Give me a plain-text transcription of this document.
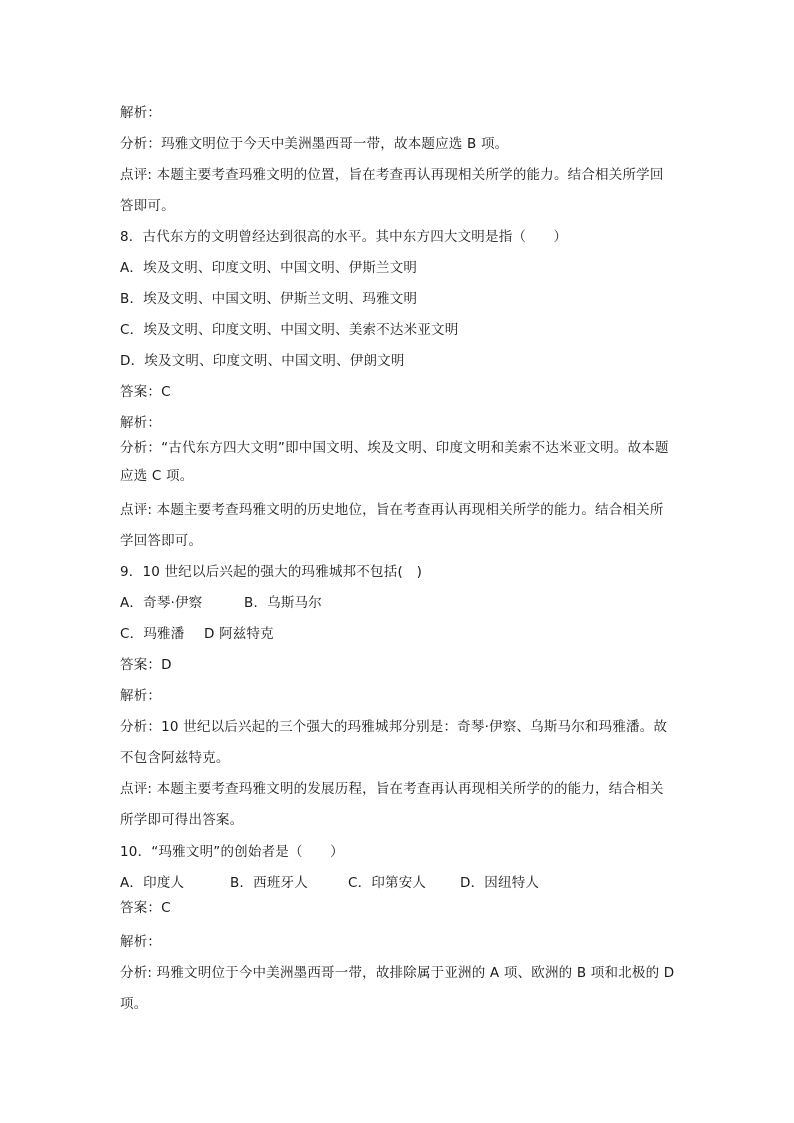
解析：
分析：玛雅文明位于今天中美洲墨西哥一带，故本题应选 B 项。
点评: 本题主要考查玛雅文明的位置，旨在考查再认再现相关所学的能力。结合相关所学回
答即可。
8．古代东方的文明曾经达到很高的水平。其中东方四大文明是指（　　）
A．埃及文明、印度文明、中国文明、伊斯兰文明
B．埃及文明、中国文明、伊斯兰文明、玛雅文明
C．埃及文明、印度文明、中国文明、美索不达米亚文明
D．埃及文明、印度文明、中国文明、伊朗文明
答案：C
解析：
分析：“古代东方四大文明”即中国文明、埃及文明、印度文明和美索不达米亚文明。故本题
应选 C 项。
点评: 本题主要考查玛雅文明的历史地位，旨在考查再认再现相关所学的能力。结合相关所
学回答即可。
9．10 世纪以后兴起的强大的玛雅城邦不包括(　)
A．奇琴·伊察	B．乌斯马尔
C．玛雅潘 D 阿兹特克
答案：D
解析：
分析：10 世纪以后兴起的三个强大的玛雅城邦分别是：奇琴·伊察、乌斯马尔和玛雅潘。故
不包含阿兹特克。
点评: 本题主要考查玛雅文明的发展历程，旨在考查再认再现相关所学的的能力，结合相关
所学即可得出答案。
10．“玛雅文明”的创始者是（　　）
A．印度人	B．西班牙人	C．印第安人	D．因纽特人
答案：C
解析：
分析: 玛雅文明位于今中美洲墨西哥一带，故排除属于亚洲的 A 项、欧洲的 B 项和北极的 D
项。
